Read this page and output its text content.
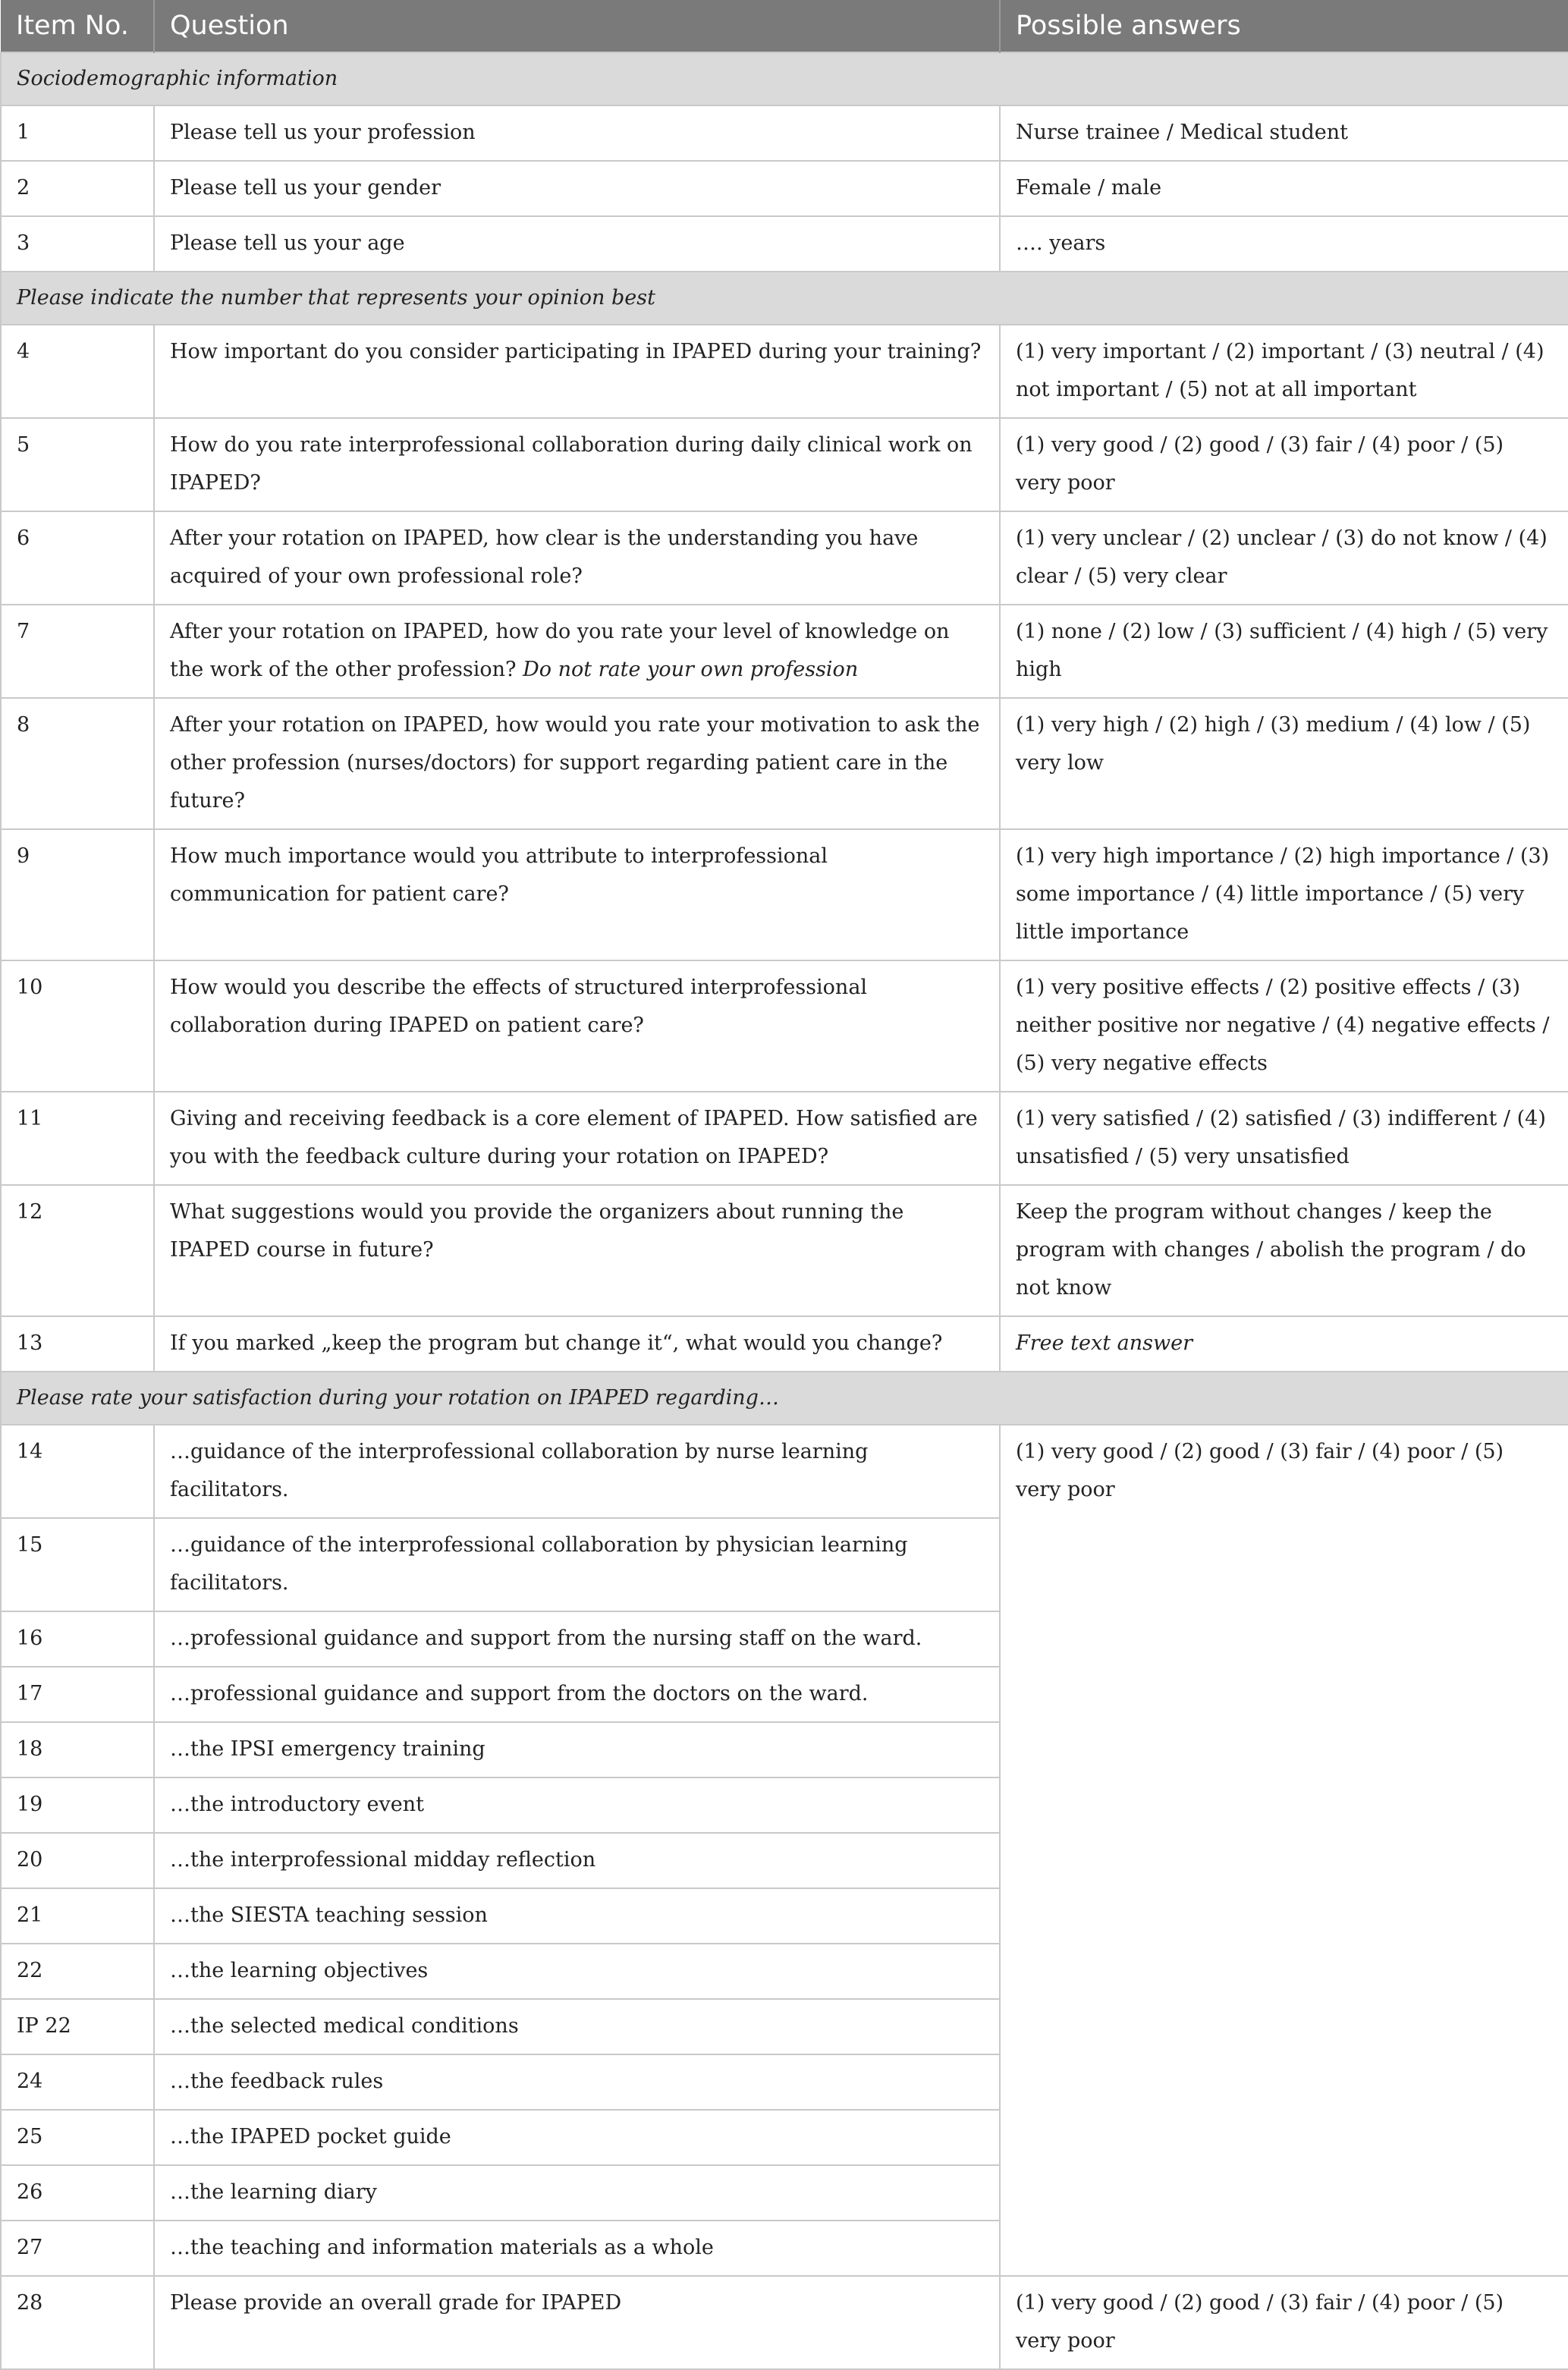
Item No.	Question	Possible answers
Sociodemographic information		
1	Please tell us your profession	Nurse trainee / Medical student
2	Please tell us your gender	Female / male
3	Please tell us your age	…. years
Please indicate the number that represents your opinion best		
4	How important do you consider participating in IPAPED during your training?	(1) very important / (2) important / (3) neutral / (4) not important / (5) not at all important
5	How do you rate interprofessional collaboration during daily clinical work on IPAPED?	(1) very good / (2) good / (3) fair / (4) poor / (5) very poor
6	After your rotation on IPAPED, how clear is the understanding you have acquired of your own professional role?	(1) very unclear / (2) unclear / (3) do not know / (4) clear / (5) very clear
7	After your rotation on IPAPED, how do you rate your level of knowledge on the work of the other profession? Do not rate your own profession	(1) none / (2) low / (3) sufficient / (4) high / (5) very high
8	After your rotation on IPAPED, how would you rate your motivation to ask the other profession (nurses/doctors) for support regarding patient care in the future?	(1) very high / (2) high / (3) medium / (4) low / (5) very low
9	How much importance would you attribute to interprofessional communication for patient care?	(1) very high importance / (2) high importance / (3) some importance / (4) little importance / (5) very little importance
10	How would you describe the effects of structured interprofessional collaboration during IPAPED on patient care?	(1) very positive effects / (2) positive effects / (3) neither positive nor negative / (4) negative effects / (5) very negative effects
11	Giving and receiving feedback is a core element of IPAPED. How satisfied are you with the feedback culture during your rotation on IPAPED?	(1) very satisfied / (2) satisfied / (3) indifferent / (4) unsatisfied / (5) very unsatisfied
12	What suggestions would you provide the organizers about running the IPAPED course in future?	Keep the program without changes / keep the program with changes / abolish the program / do not know
13	If you marked „keep the program but change it“, what would you change?	Free text answer
Please rate your satisfaction during your rotation on IPAPED regarding…		
14	…guidance of the interprofessional collaboration by nurse learning facilitators.	(1) very good / (2) good / (3) fair / (4) poor / (5) very poor
15	…guidance of the interprofessional collaboration by physician learning facilitators.	
16	…professional guidance and support from the nursing staff on the ward.	
17	…professional guidance and support from the doctors on the ward.	
18	…the IPSI emergency training	
19	…the introductory event	
20	…the interprofessional midday reflection	
21	…the SIESTA teaching session	
22	…the learning objectives	
IP 22	…the selected medical conditions	
24	…the feedback rules	
25	…the IPAPED pocket guide	
26	…the learning diary	
27	…the teaching and information materials as a whole	
28	Please provide an overall grade for IPAPED	(1) very good / (2) good / (3) fair / (4) poor / (5) very poor
